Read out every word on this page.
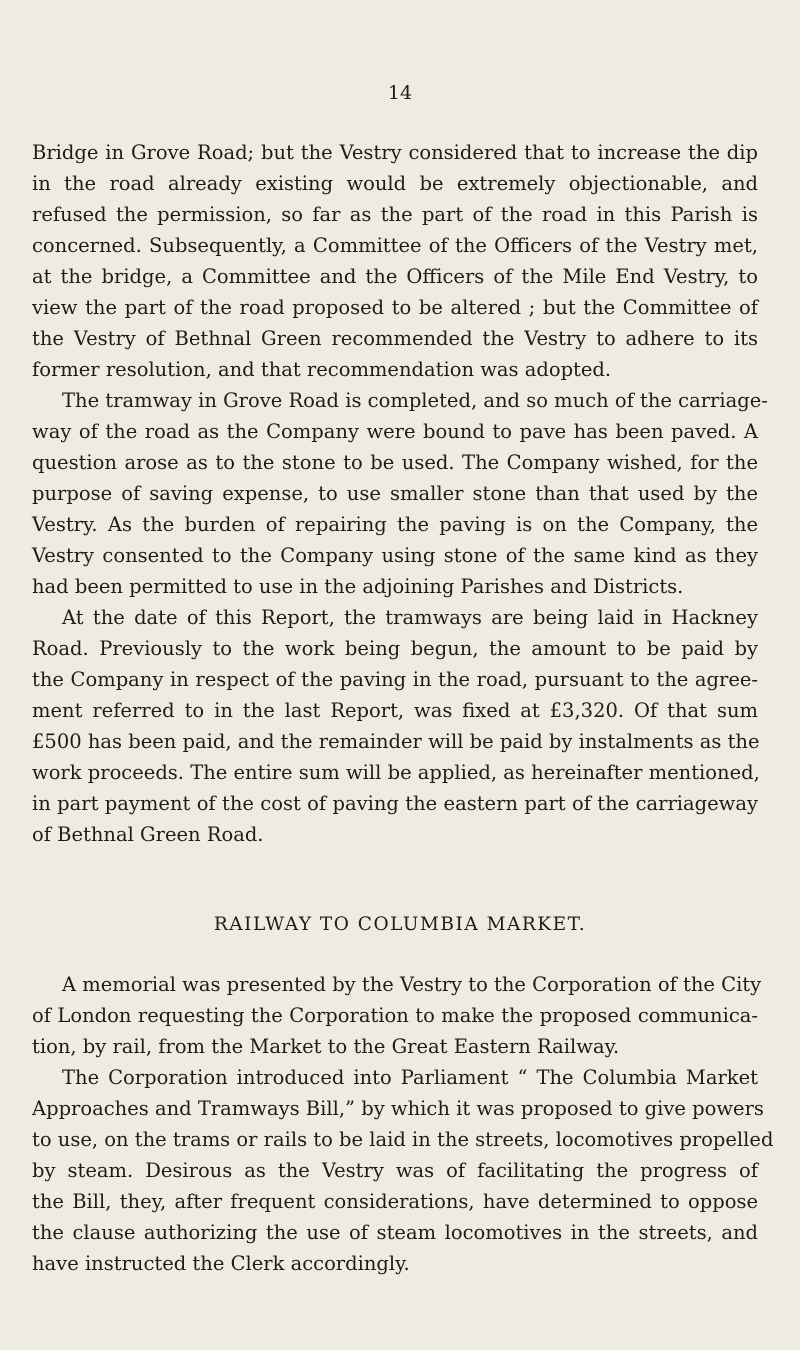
14
Bridge in Grove Road; but the Vestry considered that to increase the dip
in the road already existing would be extremely objectionable, and
refused the permission, so far as the part of the road in this Parish is
concerned. Subsequently, a Committee of the Officers of the Vestry met,
at the bridge, a Committee and the Officers of the Mile End Vestry, to
view the part of the road proposed to be altered ; but the Committee of
the Vestry of Bethnal Green recommended the Vestry to adhere to its
former resolution, and that recommendation was adopted.
The tramway in Grove Road is completed, and so much of the carriage-
way of the road as the Company were bound to pave has been paved. A
question arose as to the stone to be used. The Company wished, for the
purpose of saving expense, to use smaller stone than that used by the
Vestry. As the burden of repairing the paving is on the Company, the
Vestry consented to the Company using stone of the same kind as they
had been permitted to use in the adjoining Parishes and Districts.
At the date of this Report, the tramways are being laid in Hackney
Road. Previously to the work being begun, the amount to be paid by
the Company in respect of the paving in the road, pursuant to the agree-
ment referred to in the last Report, was fixed at £3,320. Of that sum
£500 has been paid, and the remainder will be paid by instalments as the
work proceeds. The entire sum will be applied, as hereinafter mentioned,
in part payment of the cost of paving the eastern part of the carriageway
of Bethnal Green Road.
RAILWAY TO COLUMBIA MARKET.
A memorial was presented by the Vestry to the Corporation of the City
of London requesting the Corporation to make the proposed communica-
tion, by rail, from the Market to the Great Eastern Railway.
The Corporation introduced into Parliament “ The Columbia Market
Approaches and Tramways Bill,” by which it was proposed to give powers
to use, on the trams or rails to be laid in the streets, locomotives propelled
by steam. Desirous as the Vestry was of facilitating the progress of
the Bill, they, after frequent considerations, have determined to oppose
the clause authorizing the use of steam locomotives in the streets, and
have instructed the Clerk accordingly.
